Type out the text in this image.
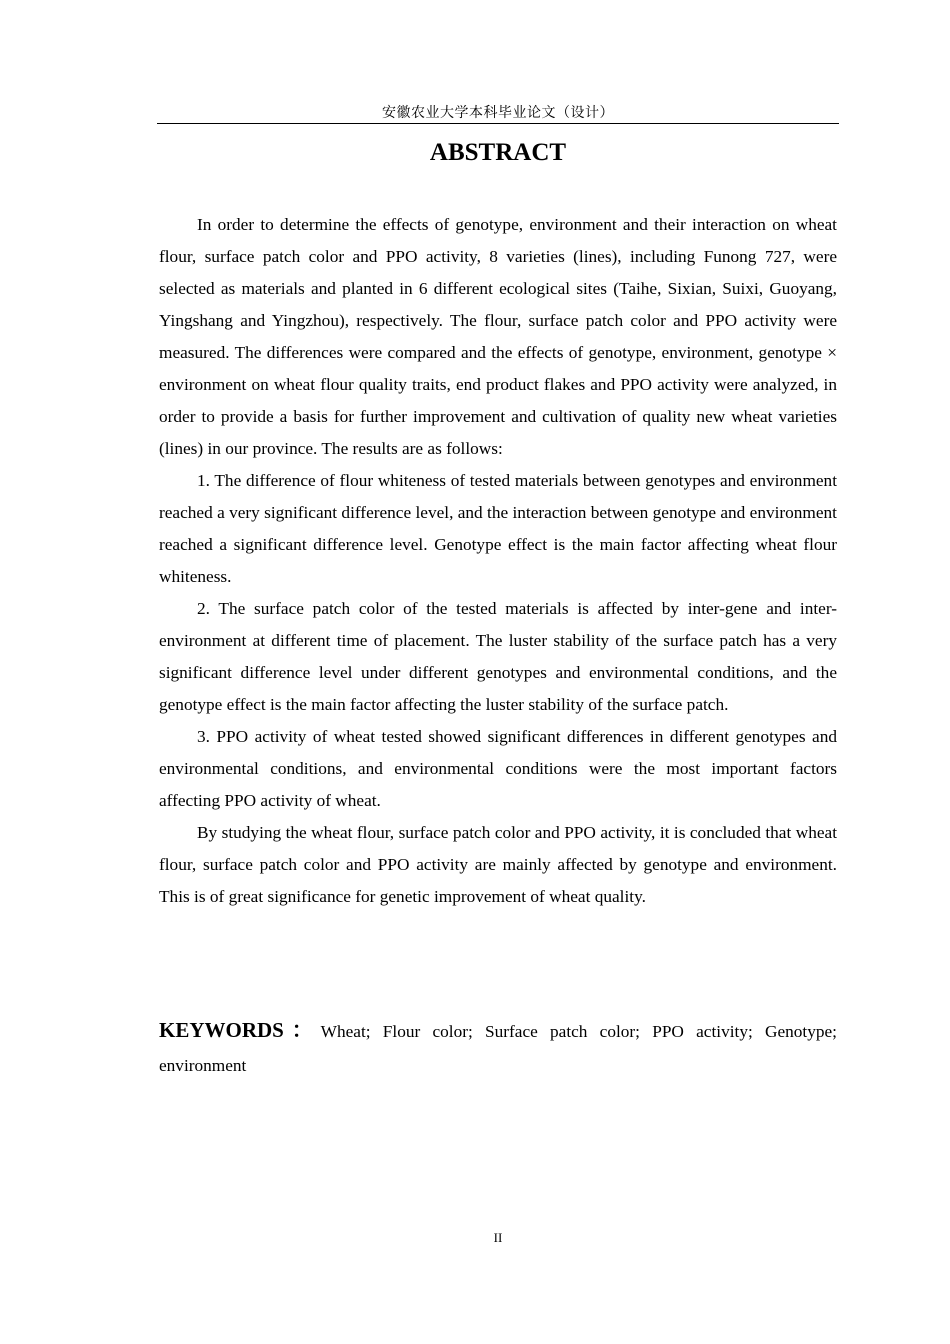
安徽农业大学本科毕业论文（设计）
ABSTRACT

In order to determine the effects of genotype, environment and their interaction on wheat flour, surface patch color and PPO activity, 8 varieties (lines), including Funong 727, were selected as materials and planted in 6 different ecological sites (Taihe, Sixian, Suixi, Guoyang, Yingshang and Yingzhou), respectively. The flour, surface patch color and PPO activity were measured. The differences were compared and the effects of genotype, environment, genotype × environment on wheat flour quality traits, end product flakes and PPO activity were analyzed, in order to provide a basis for further improvement and cultivation of quality new wheat varieties (lines) in our province. The results are as follows:

1. The difference of flour whiteness of tested materials between genotypes and environment reached a very significant difference level, and the interaction between genotype and environment reached a significant difference level. Genotype effect is the main factor affecting wheat flour whiteness.

2. The surface patch color of the tested materials is affected by inter-gene and inter-environment at different time of placement. The luster stability of the surface patch has a very significant difference level under different genotypes and environmental conditions, and the genotype effect is the main factor affecting the luster stability of the surface patch.

3. PPO activity of wheat tested showed significant differences in different genotypes and environmental conditions, and environmental conditions were the most important factors affecting PPO activity of wheat.

By studying the wheat flour, surface patch color and PPO activity, it is concluded that wheat flour, surface patch color and PPO activity are mainly affected by genotype and environment. This is of great significance for genetic improvement of wheat quality.

KEYWORDS：Wheat; Flour color; Surface patch color; PPO activity; Genotype; environment
II
